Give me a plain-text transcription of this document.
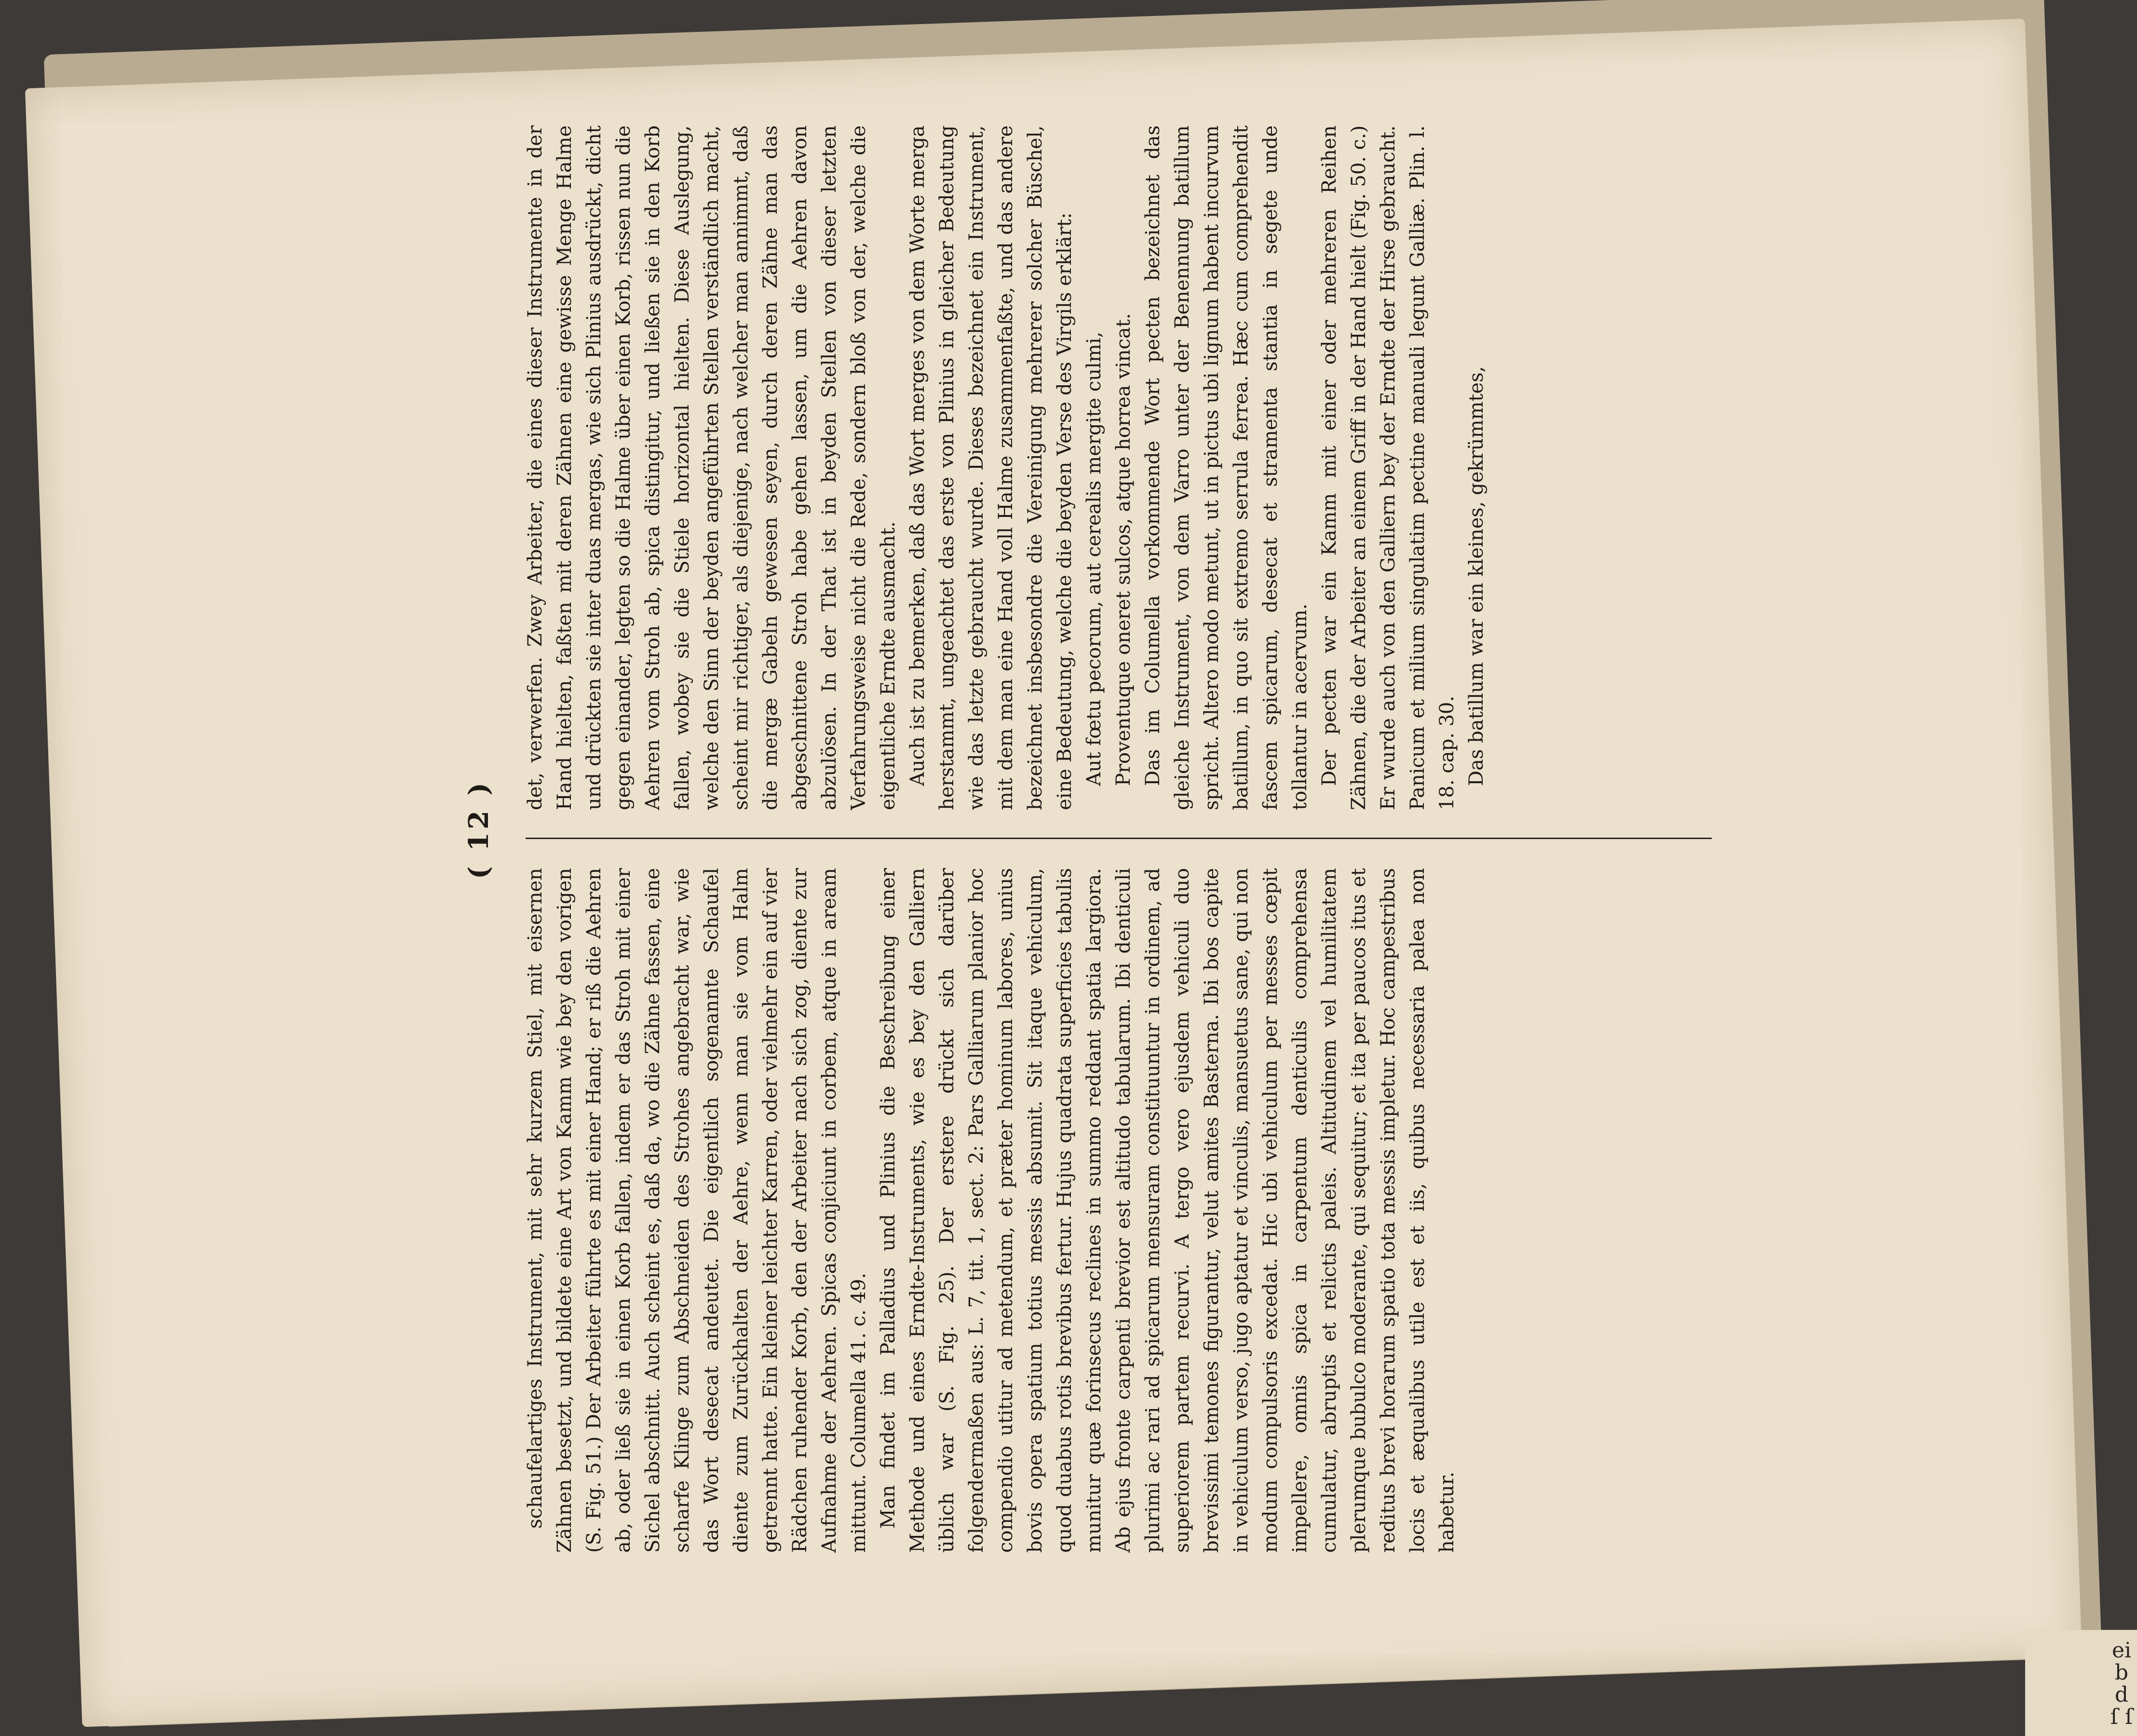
ei b d ſ ſ
( 12 )

schaufelartiges Instrument, mit sehr kurzem Stiel, mit eisernen Zähnen besetzt, und bildete eine Art von Kamm wie bey den vorigen (S. Fig. 51.) Der Arbeiter führte es mit einer Hand; er riß die Aehren ab, oder ließ sie in einen Korb fallen, indem er das Stroh mit einer Sichel abschnitt. Auch scheint es, daß da, wo die Zähne fassen, eine scharfe Klinge zum Abschneiden des Strohes angebracht war, wie das Wort desecat andeutet. Die eigentlich sogenannte Schaufel diente zum Zurückhalten der Aehre, wenn man sie vom Halm getrennt hatte. Ein kleiner leichter Karren, oder vielmehr ein auf vier Rädchen ruhender Korb, den der Arbeiter nach sich zog, diente zur Aufnahme der Aehren. Spicas conjiciunt in corbem, atque in aream mittunt. Columella 41. c. 49. Man findet im Palladius und Plinius die Beschreibung einer Methode und eines Erndte-Instruments, wie es bey den Galliern üblich war (S. Fig. 25). Der erstere drückt sich darüber folgendermaßen aus: L. 7, tit. 1, sect. 2: Pars Galliarum planior hoc compendio utitur ad metendum, et præter hominum labores, unius bovis opera spatium totius messis absumit. Sit itaque vehiculum, quod duabus rotis brevibus fertur. Hujus quadrata superficies tabulis munitur quæ forinsecus reclines in summo reddant spatia largiora. Ab ejus fronte carpenti brevior est altitudo tabularum. Ibi denticuli plurimi ac rari ad spicarum mensuram constituuntur in ordinem, ad superiorem partem recurvi. A tergo vero ejusdem vehiculi duo brevissimi temones figurantur, velut amites Basterna. Ibi bos capite in vehiculum verso, jugo aptatur et vinculis, mansuetus sane, qui non modum compulsoris excedat. Hic ubi vehiculum per messes cœpit impellere, omnis spica in carpentum denticulis comprehensa cumulatur, abruptis et relictis paleis. Altitudinem vel humilitatem plerumque bubulco moderante, qui sequitur; et ita per paucos itus et reditus brevi horarum spatio tota messis impletur. Hoc campestribus locis et æqualibus utile est et iis, quibus necessaria palea non habetur.

det, verwerfen. Zwey Arbeiter, die eines dieser Instrumente in der Hand hielten, faßten mit deren Zähnen eine gewisse Menge Halme und drückten sie inter duas mergas, wie sich Plinius ausdrückt, dicht gegen einander, legten so die Halme über einen Korb, rissen nun die Aehren vom Stroh ab, spica distingitur, und ließen sie in den Korb fallen, wobey sie die Stiele horizontal hielten. Diese Auslegung, welche den Sinn der beyden angeführten Stellen verständlich macht, scheint mir richtiger, als diejenige, nach welcher man annimmt, daß die mergæ Gabeln gewesen seyen, durch deren Zähne man das abgeschnittene Stroh habe gehen lassen, um die Aehren davon abzulösen. In der That ist in beyden Stellen von dieser letzten Verfahrungsweise nicht die Rede, sondern bloß von der, welche die eigentliche Erndte ausmacht. Auch ist zu bemerken, daß das Wort merges von dem Worte merga herstammt, ungeachtet das erste von Plinius in gleicher Bedeutung wie das letzte gebraucht wurde. Dieses bezeichnet ein Instrument, mit dem man eine Hand voll Halme zusammenfaßte, und das andere bezeichnet insbesondre die Vereinigung mehrerer solcher Büschel, eine Bedeutung, welche die beyden Verse des Virgils erklärt: Aut fœtu pecorum, aut cerealis mergite culmi, Proventuque oneret sulcos, atque horrea vincat. Das im Columella vorkommende Wort pecten bezeichnet das gleiche Instrument, von dem Varro unter der Benennung batillum spricht. Altero modo metunt, ut in pictus ubi lignum habent incurvum batillum, in quo sit extremo serrula ferrea. Hæc cum comprehendit fascem spicarum, desecat et stramenta stantia in segete unde tollantur in acervum. Der pecten war ein Kamm mit einer oder mehreren Reihen Zähnen, die der Arbeiter an einem Griff in der Hand hielt (Fig. 50. c.) Er wurde auch von den Galliern bey der Erndte der Hirse gebraucht. Panicum et milium singulatim pectine manuali legunt Galliæ. Plin. l. 18. cap. 30. Das batillum war ein kleines, gekrümmtes,
